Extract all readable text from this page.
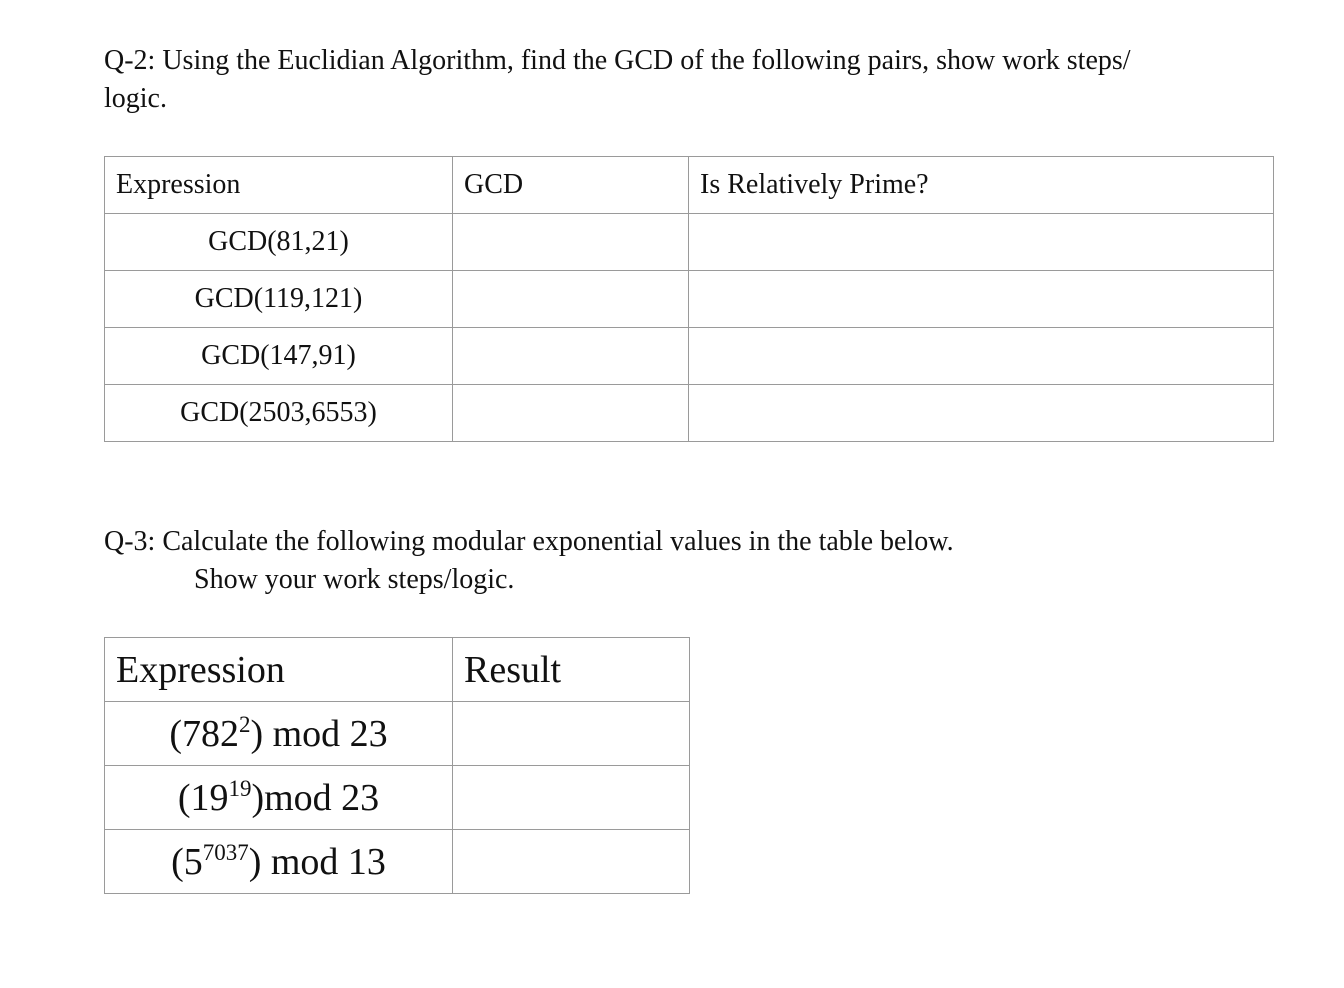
Q-2: Using the Euclidian Algorithm, find the GCD of the following pairs, show work steps/
logic.
Expression	GCD	Is Relatively Prime?
GCD(81,21)		
GCD(119,121)		
GCD(147,91)		
GCD(2503,6553)		
Q-3: Calculate the following modular exponential values in the table below.
Show your work steps/logic.
Expression	Result
$(782^2)$ mod 23	
$(19^{19})mod$ 23	
$(5^{7037})$ mod 13	
